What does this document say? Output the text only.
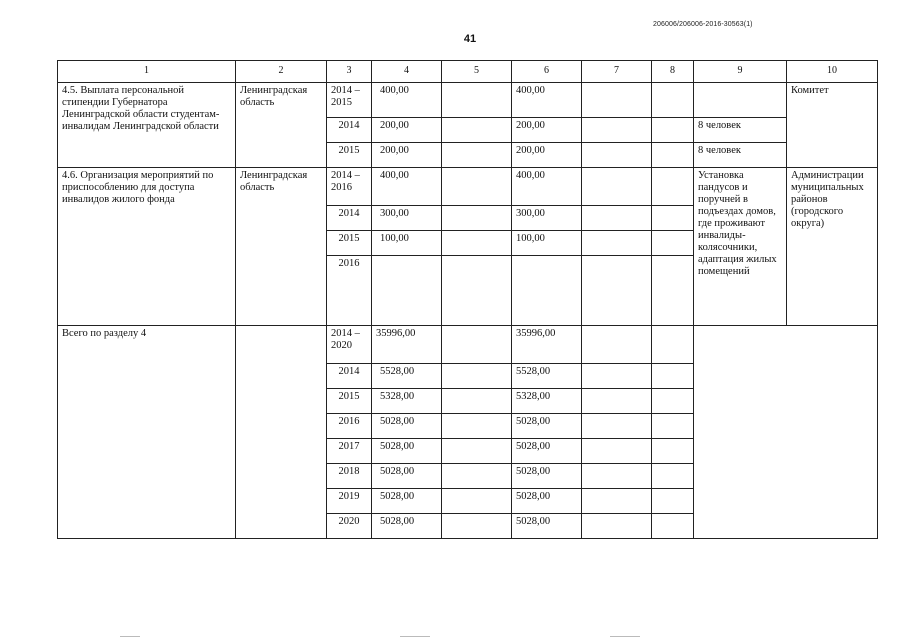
206006/206006-2016-30563(1)
41
1	2	3	4	5	6	7	8	9	10
4.5. Выплата персональной стипендии Губернатора Ленинградской области студентам-инвалидам Ленинградской области	Ленинградская область	2014 – 2015	400,00		400,00				Комитет
		2014	200,00		200,00			8 человек	
		2015	200,00		200,00			8 человек	
4.6. Организация мероприятий по приспособлению для доступа инвалидов жилого фонда	Ленинградская область	2014 – 2016	400,00		400,00			Установка пандусов и поручней в подъездах домов, где проживают инвалиды-колясочники, адаптация жилых помещений	Администрации муниципальных районов (городского округа)
		2014	300,00		300,00				
		2015	100,00		100,00				
		2016							
Всего по разделу 4		2014 – 2020	35996,00		35996,00				
		2014	5528,00		5528,00				
		2015	5328,00		5328,00				
		2016	5028,00		5028,00				
		2017	5028,00		5028,00				
		2018	5028,00		5028,00				
		2019	5028,00		5028,00				
		2020	5028,00		5028,00				
